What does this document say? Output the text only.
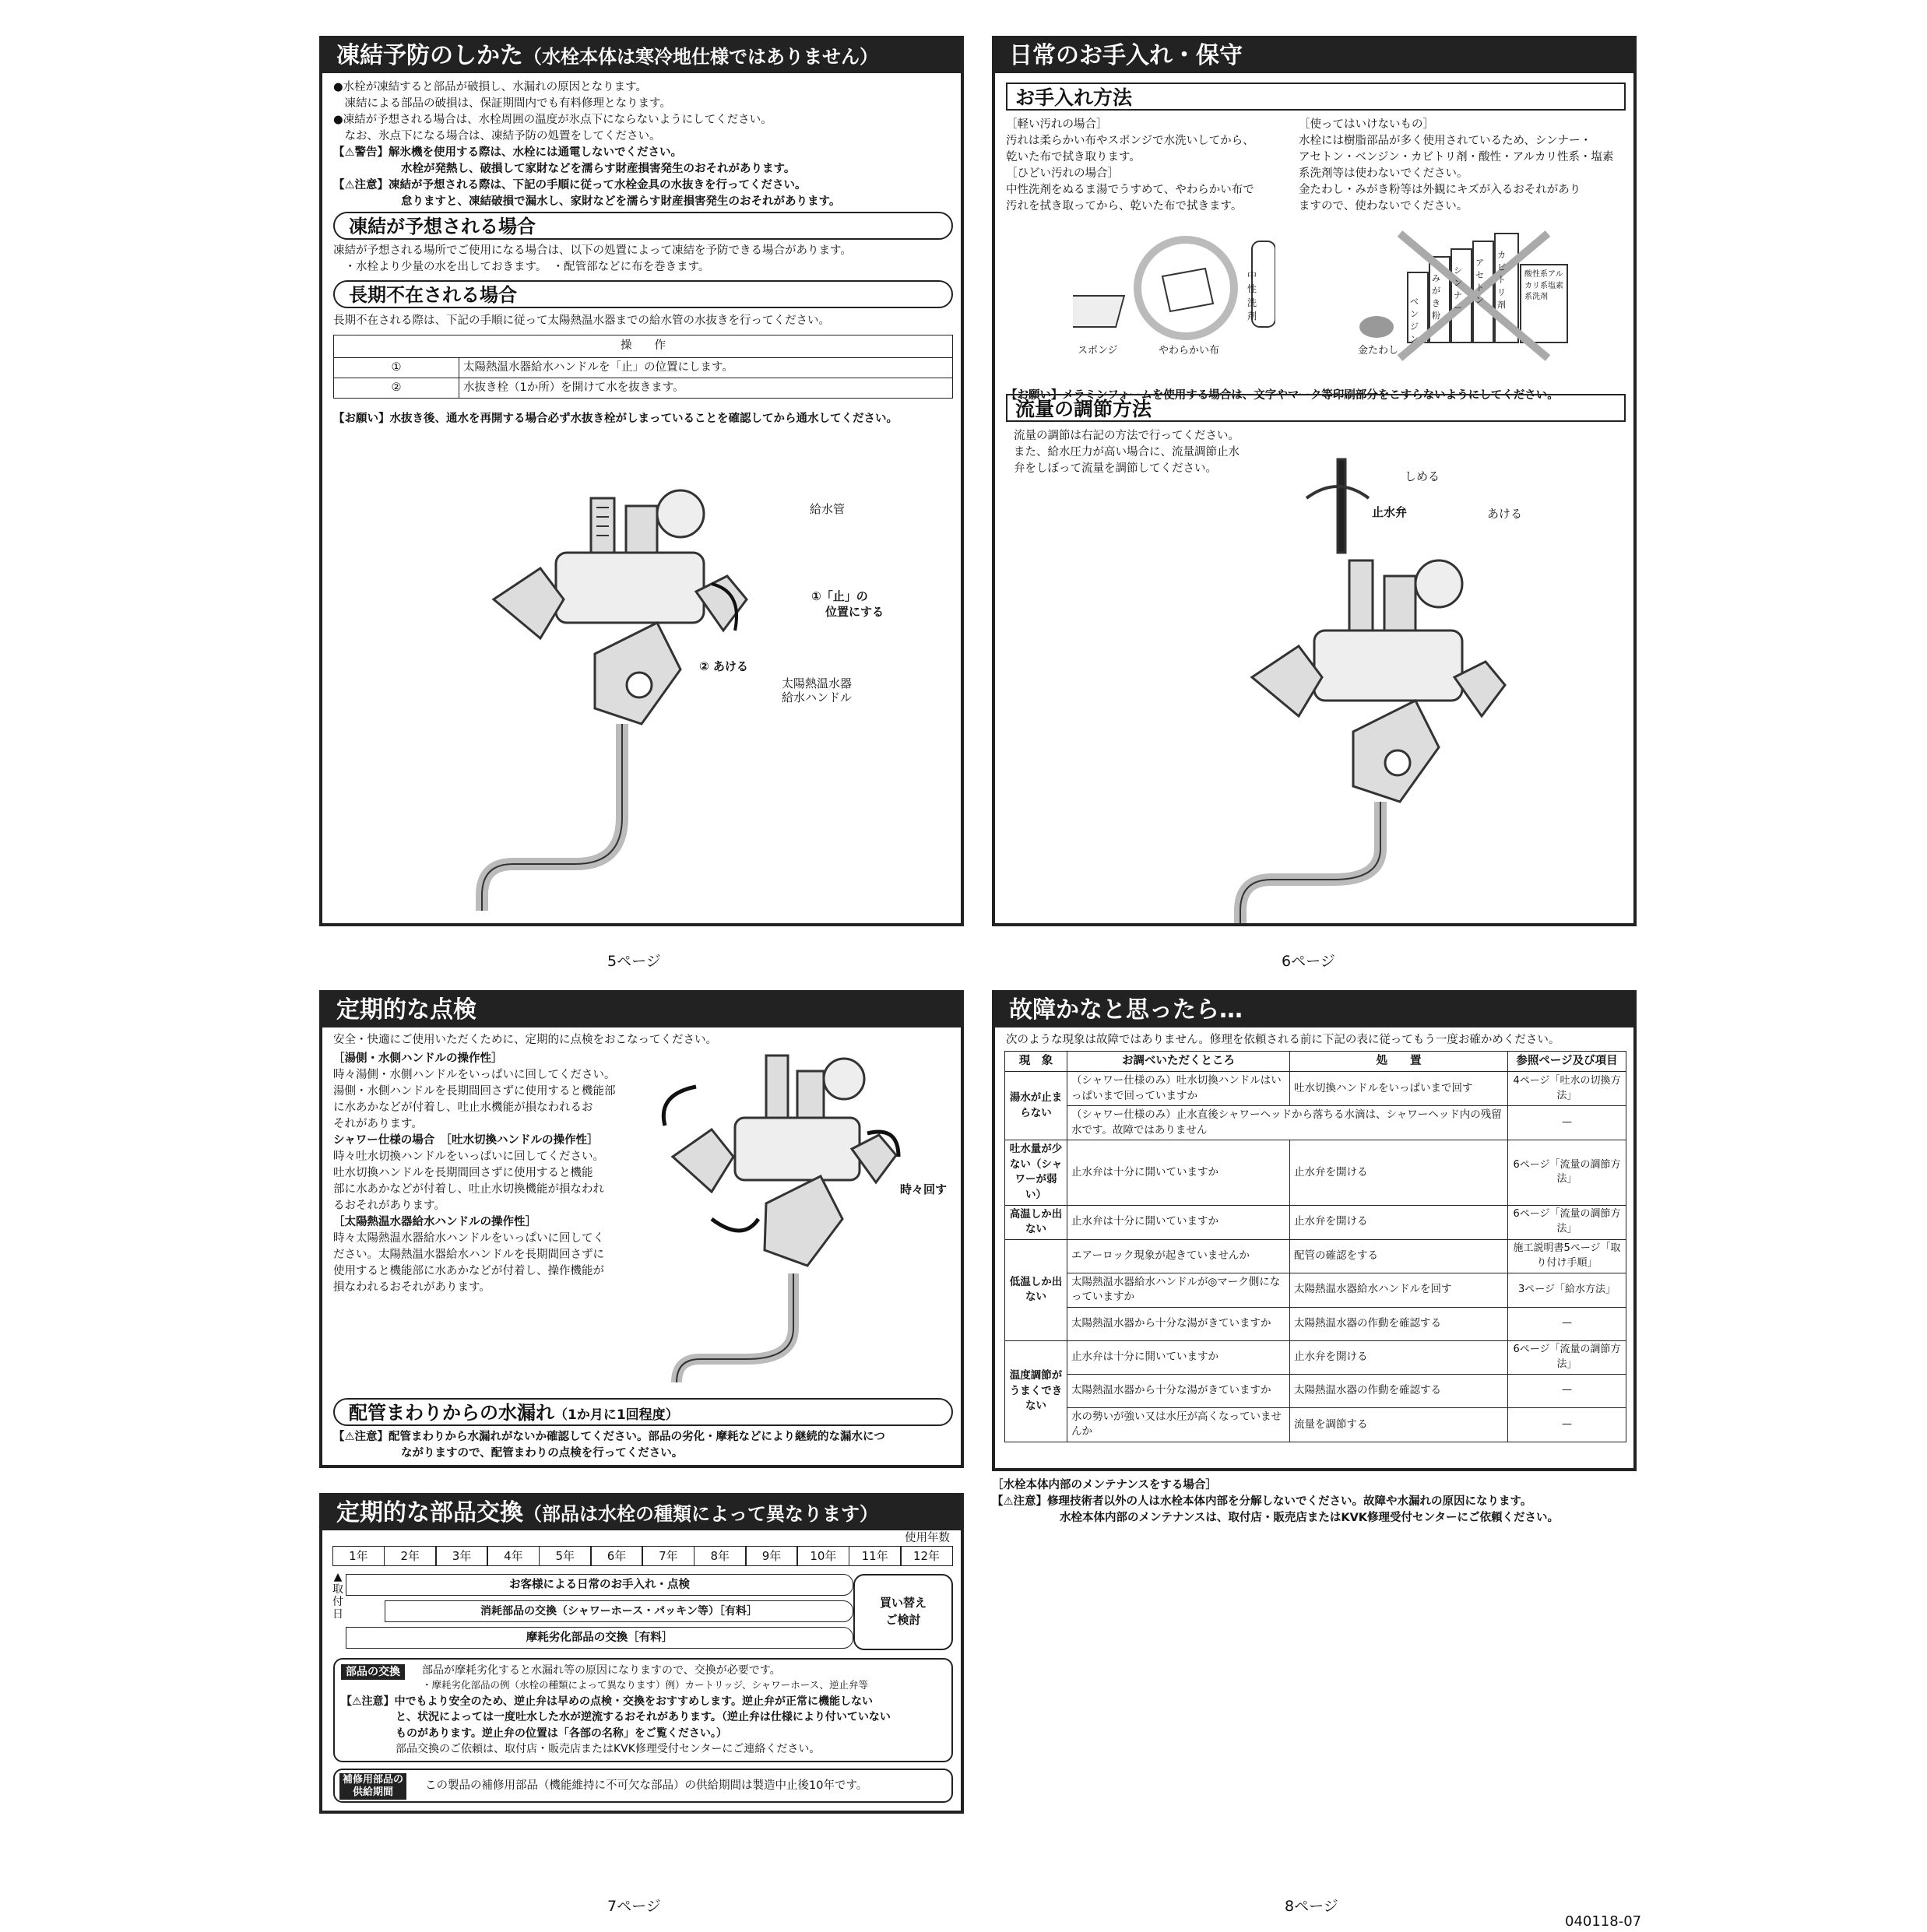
凍結予防のしかた（水栓本体は寒冷地仕様ではありません）
●水栓が凍結すると部品が破損し、水漏れの原因となります。
　凍結による部品の破損は、保証期間内でも有料修理となります。
●凍結が予想される場合は、水栓周囲の温度が氷点下にならないようにしてください。
　なお、氷点下になる場合は、凍結予防の処置をしてください。
【⚠警告】解氷機を使用する際は、水栓には通電しないでください。
　　　　　　水栓が発熱し、破損して家財などを濡らす財産損害発生のおそれがあります。
【⚠注意】凍結が予想される際は、下記の手順に従って水栓金具の水抜きを行ってください。
　　　　　　怠りますと、凍結破損で漏水し、家財などを濡らす財産損害発生のおそれがあります。
凍結が予想される場合
凍結が予想される場所でご使用になる場合は、以下の処置によって凍結を予防できる場合があります。
　・水栓より少量の水を出しておきます。　・配管部などに布を巻きます。
長期不在される場合
長期不在される際は、下記の手順に従って太陽熱温水器までの給水管の水抜きを行ってください。
操　　作	
①	太陽熱温水器給水ハンドルを「止」の位置にします。
②	水抜き栓（1か所）を開けて水を抜きます。
【お願い】水抜き後、通水を再開する場合必ず水抜き栓がしまっていることを確認してから通水してください。
給水管
①「止」の
位置にする
② あける
太陽熱温水器
給水ハンドル
5ページ
日常のお手入れ・保守
お手入れ方法
［軽い汚れの場合］
汚れは柔らかい布やスポンジで水洗いしてから、
乾いた布で拭き取ります。
［ひどい汚れの場合］
中性洗剤をぬるま湯でうすめて、やわらかい布で
汚れを拭き取ってから、乾いた布で拭きます。
［使ってはいけないもの］
水栓には樹脂部品が多く使用されているため、シンナー・
アセトン・ベンジン・カビトリ剤・酸性・アルカリ性系・塩素
系洗剤等は使わないでください。
金たわし・みがき粉等は外観にキズが入るおそれがあり
ますので、使わないでください。
スポンジ	やわらかい布
中性洗剤
金たわし
ベンジン
みがき粉
シンナー
アセトン
カビトリ剤
酸性系アルカリ系塩素系洗剤
【お願い】メラミンフォームを使用する場合は、文字やマーク等印刷部分をこすらないようにしてください。
流量の調節方法
流量の調節は右記の方法で行ってください。
また、給水圧力が高い場合に、流量調節止水
弁をしぼって流量を調節してください。
しめる
あける
止水弁
6ページ
定期的な点検
安全・快適にご使用いただくために、定期的に点検をおこなってください。
［湯側・水側ハンドルの操作性］
時々湯側・水側ハンドルをいっぱいに回してください。
湯側・水側ハンドルを長期間回さずに使用すると機能部
に水あかなどが付着し、吐止水機能が損なわれるお
それがあります。
シャワー仕様の場合　［吐水切換ハンドルの操作性］
時々吐水切換ハンドルをいっぱいに回してください。
吐水切換ハンドルを長期間回さずに使用すると機能
部に水あかなどが付着し、吐止水切換機能が損なわれ
るおそれがあります。
［太陽熱温水器給水ハンドルの操作性］
時々太陽熱温水器給水ハンドルをいっぱいに回してく
ださい。太陽熱温水器給水ハンドルを長期間回さずに
使用すると機能部に水あかなどが付着し、操作機能が
損なわれるおそれがあります。
時々回す
配管まわりからの水漏れ（1か月に1回程度）
【⚠注意】配管まわりから水漏れがないか確認してください。部品の劣化・摩耗などにより継続的な漏水につ
　　　　　　ながりますので、配管まわりの点検を行ってください。
定期的な部品交換（部品は水栓の種類によって異なります）
使用年数
1年	2年	3年	4年	5年	6年	7年	8年	9年	10年	11年	12年
▲
取付日
お客様による日常のお手入れ・点検
消耗部品の交換（シャワーホース・パッキン等）［有料］
摩耗劣化部品の交換［有料］
買い替え
ご検討
部品の交換	部品が摩耗劣化すると水漏れ等の原因になりますので、交換が必要です。
・摩耗劣化部品の例（水栓の種類によって異なります）例）カートリッジ、シャワーホース、逆止弁等
【⚠注意】中でもより安全のため、逆止弁は早めの点検・交換をおすすめします。逆止弁が正常に機能しない
　　　　　と、状況によっては一度吐水した水が逆流するおそれがあります。（逆止弁は仕様により付いていない
　　　　　ものがあります。逆止弁の位置は「各部の名称」をご覧ください。）
　　　　　部品交換のご依頼は、取付店・販売店またはKVK修理受付センターにご連絡ください。
補修用部品の
供給期間
この製品の補修用部品（機能維持に不可欠な部品）の供給期間は製造中止後10年です。
7ページ
故障かなと思ったら…
次のような現象は故障ではありません。修理を依頼される前に下記の表に従ってもう一度お確かめください。
現　象	お調べいただくところ	処　　置	参照ページ及び項目
湯水が止まらない	（シャワー仕様のみ）吐水切換ハンドルはいっぱいまで回っていますか	吐水切換ハンドルをいっぱいまで回す	4ページ「吐水の切換方法」
	（シャワー仕様のみ）止水直後シャワーヘッドから落ちる水滴は、シャワーヘッド内の残留水です。故障ではありません		—
吐水量が少ない（シャワーが弱い）	止水弁は十分に開いていますか	止水弁を開ける	6ページ「流量の調節方法」
高温しか出ない	止水弁は十分に開いていますか	止水弁を開ける	6ページ「流量の調節方法」
低温しか出ない	エアーロック現象が起きていませんか	配管の確認をする	施工説明書5ページ「取り付け手順」
	太陽熱温水器給水ハンドルが◎マーク側になっていますか	太陽熱温水器給水ハンドルを回す	3ページ「給水方法」
	太陽熱温水器から十分な湯がきていますか	太陽熱温水器の作動を確認する	—
温度調節がうまくできない	止水弁は十分に開いていますか	止水弁を開ける	6ページ「流量の調節方法」
	太陽熱温水器から十分な湯がきていますか	太陽熱温水器の作動を確認する	—
	水の勢いが強い又は水圧が高くなっていませんか	流量を調節する	—
［水栓本体内部のメンテナンスをする場合］
【⚠注意】修理技術者以外の人は水栓本体内部を分解しないでください。故障や水漏れの原因になります。
　　　　　　水栓本体内部のメンテナンスは、取付店・販売店またはKVK修理受付センターにご依頼ください。
8ページ
040118-07
